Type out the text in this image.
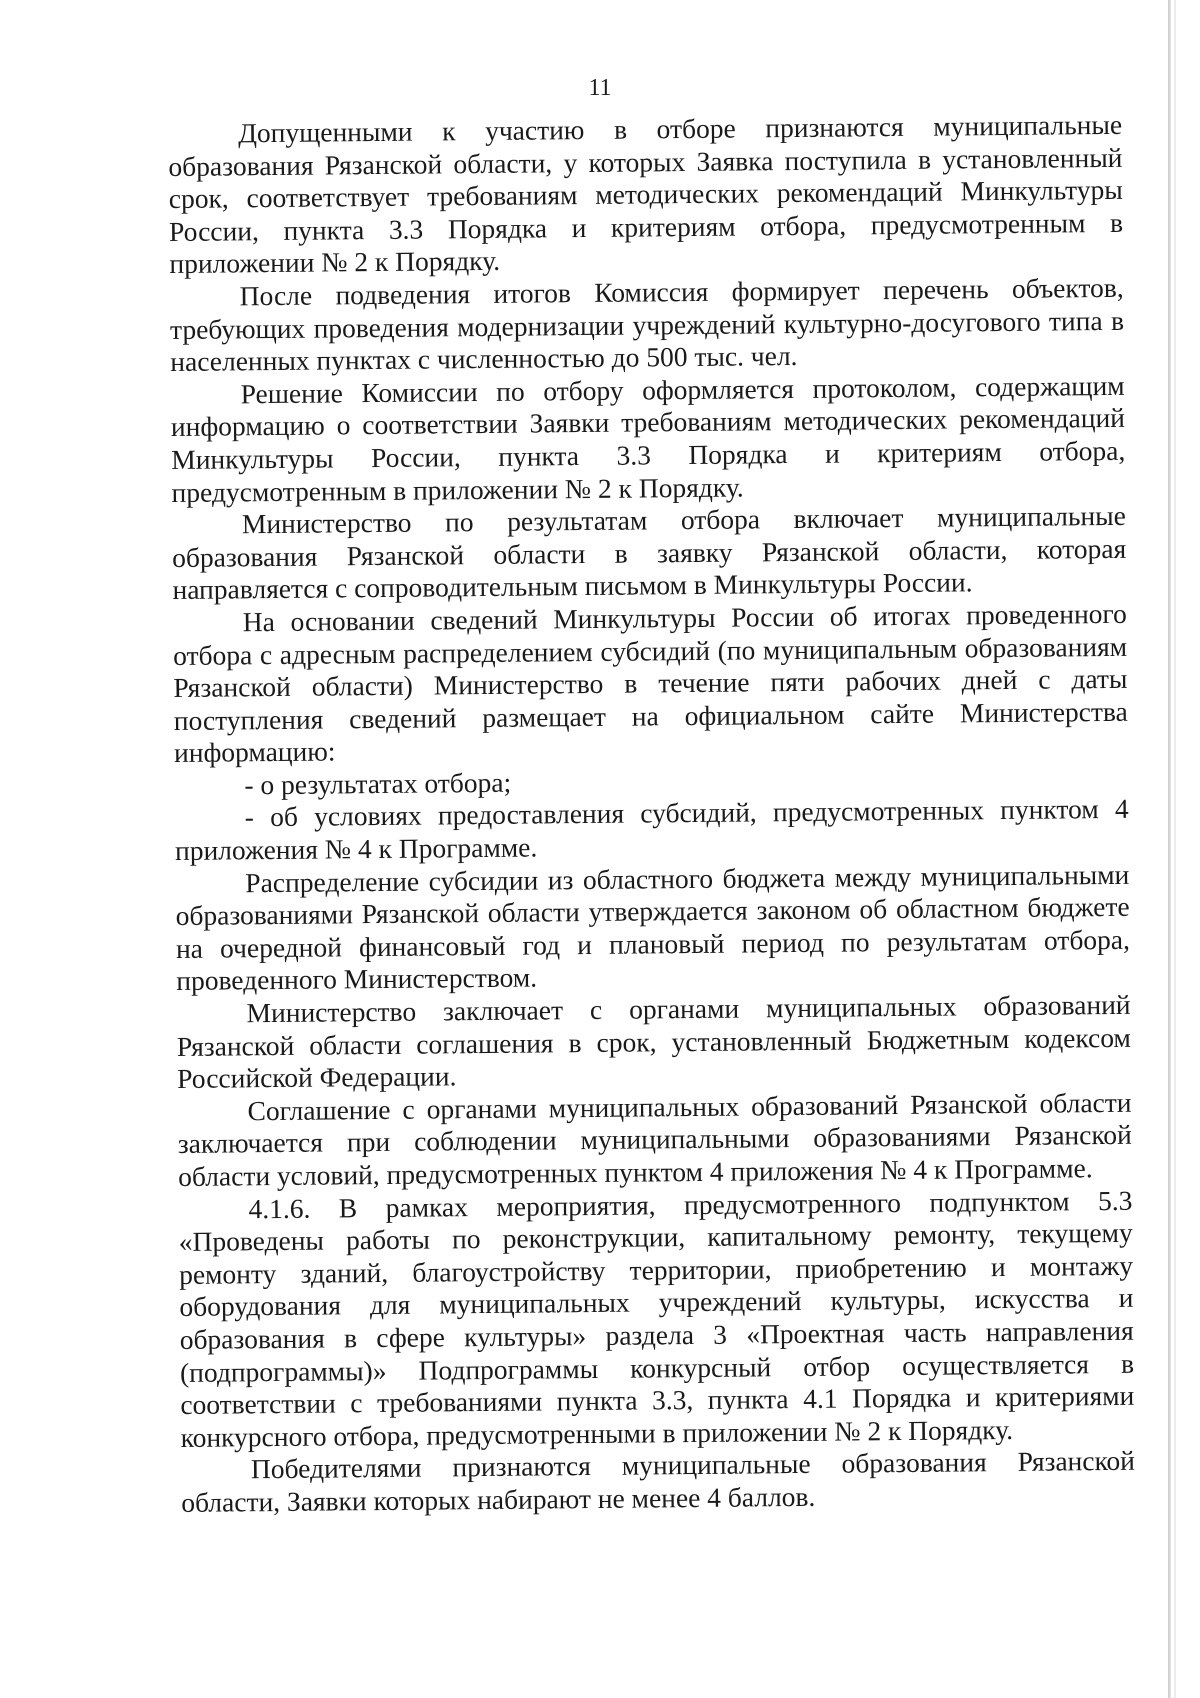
11

Допущенными к участию в отборе признаются муниципальные образования Рязанской области, у которых Заявка поступила в установленный срок, соответствует требованиям методических рекомендаций Минкультуры России, пункта 3.3 Порядка и критериям отбора, предусмотренным в приложении № 2 к Порядку.

После подведения итогов Комиссия формирует перечень объектов, требующих проведения модернизации учреждений культурно-досугового типа в населенных пунктах с численностью до 500 тыс. чел.

Решение Комиссии по отбору оформляется протоколом, содержащим информацию о соответствии Заявки требованиям методических рекомендаций Минкультуры России, пункта 3.3 Порядка и критериям отбора, предусмотренным в приложении № 2 к Порядку.

Министерство по результатам отбора включает муниципальные образования Рязанской области в заявку Рязанской области, которая направляется с сопроводительным письмом в Минкультуры России.

На основании сведений Минкультуры России об итогах проведенного отбора с адресным распределением субсидий (по муниципальным образованиям Рязанской области) Министерство в течение пяти рабочих дней с даты поступления сведений размещает на официальном сайте Министерства информацию:

- о результатах отбора;

- об условиях предоставления субсидий, предусмотренных пунктом 4 приложения № 4 к Программе.

Распределение субсидии из областного бюджета между муниципальными образованиями Рязанской области утверждается законом об областном бюджете на очередной финансовый год и плановый период по результатам отбора, проведенного Министерством.

Министерство заключает с органами муниципальных образований Рязанской области соглашения в срок, установленный Бюджетным кодексом Российской Федерации.

Соглашение с органами муниципальных образований Рязанской области заключается при соблюдении муниципальными образованиями Рязанской области условий, предусмотренных пунктом 4 приложения № 4 к Программе.

4.1.6. В рамках мероприятия, предусмотренного подпунктом 5.3 «Проведены работы по реконструкции, капитальному ремонту, текущему ремонту зданий, благоустройству территории, приобретению и монтажу оборудования для муниципальных учреждений культуры, искусства и образования в сфере культуры» раздела 3 «Проектная часть направления (подпрограммы)» Подпрограммы конкурсный отбор осуществляется в соответствии с требованиями пункта 3.3, пункта 4.1 Порядка и критериями конкурсного отбора, предусмотренными в приложении № 2 к Порядку.

Победителями признаются муниципальные образования Рязанской области, Заявки которых набирают не менее 4 баллов.
